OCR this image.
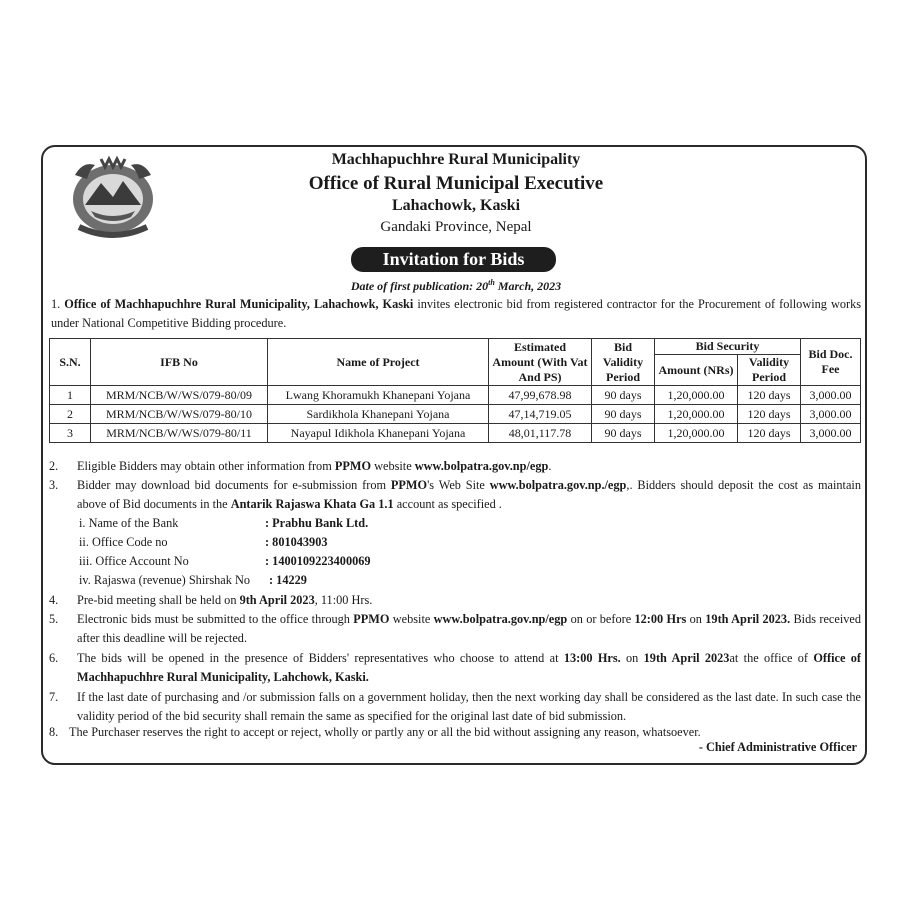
Machhapuchhre Rural Municipality
Office of Rural Municipal Executive
Lahachowk, Kaski
Gandaki Province, Nepal
Invitation for Bids
Date of first publication: 20th March, 2023
1. Office of Machhapuchhre Rural Municipality, Lahachowk, Kaski invites electronic bid from registered contractor for the Procurement of following works under National Competitive Bidding procedure.
S.N.	IFB No	Name of Project	Estimated Amount (With Vat And PS)	Bid Validity Period	Bid Security		Bid Doc. Fee
					Amount (NRs)	Validity Period	
1	MRM/NCB/W/WS/079-80/09	Lwang Khoramukh Khanepani Yojana	47,99,678.98	90 days	1,20,000.00	120 days	3,000.00
2	MRM/NCB/W/WS/079-80/10	Sardikhola Khanepani Yojana	47,14,719.05	90 days	1,20,000.00	120 days	3,000.00
3	MRM/NCB/W/WS/079-80/11	Nayapul Idikhola Khanepani Yojana	48,01,117.78	90 days	1,20,000.00	120 days	3,000.00
2. Eligible Bidders may obtain other information from PPMO website www.bolpatra.gov.np/egp.
3. Bidder may download bid documents for e-submission from PPMO's Web Site www.bolpatra.gov.np./egp,. Bidders should deposit the cost as maintain above of Bid documents in the Antarik Rajaswa Khata Ga 1.1 account as specified .
i. Name of the Bank	: Prabhu Bank Ltd.
ii. Office Code no	: 801043903
iii. Office Account No	: 1400109223400069
iv. Rajaswa (revenue) Shirshak No : 14229
4. Pre-bid meeting shall be held on 9th April 2023, 11:00 Hrs.
5. Electronic bids must be submitted to the office through PPMO website www.bolpatra.gov.np/egp on or before 12:00 Hrs on 19th April 2023. Bids received after this deadline will be rejected.
6. The bids will be opened in the presence of Bidders' representatives who choose to attend at 13:00 Hrs. on 19th April 2023at the office of Office of Machhapuchhre Rural Municipality, Lahchowk, Kaski.
7. If the last date of purchasing and /or submission falls on a government holiday, then the next working day shall be considered as the last date. In such case the validity period of the bid security shall remain the same as specified for the original last date of bid submission.
8. The Purchaser reserves the right to accept or reject, wholly or partly any or all the bid without assigning any reason, whatsoever.
- Chief Administrative Officer
